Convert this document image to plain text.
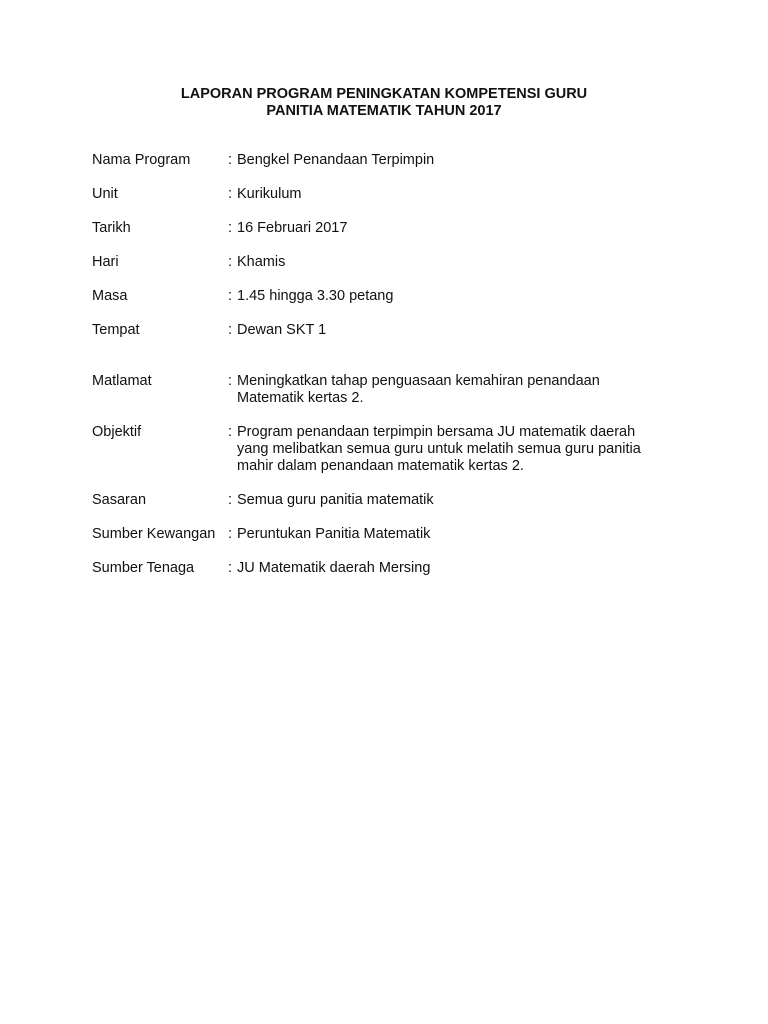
LAPORAN PROGRAM PENINGKATAN KOMPETENSI GURU
PANITIA MATEMATIK TAHUN 2017
Nama Program	: Bengkel Penandaan Terpimpin
Unit	: Kurikulum
Tarikh	: 16 Februari 2017
Hari	: Khamis
Masa	: 1.45 hingga 3.30 petang
Tempat	: Dewan SKT 1
Matlamat	: Meningkatkan tahap penguasaan kemahiran penandaan
Matematik kertas 2.
Objektif	: Program penandaan terpimpin bersama JU matematik daerah
yang melibatkan semua guru untuk melatih semua guru panitia
mahir dalam penandaan matematik kertas 2.
Sasaran	: Semua guru panitia matematik
Sumber Kewangan : Peruntukan Panitia Matematik
Sumber Tenaga	: JU Matematik daerah Mersing
